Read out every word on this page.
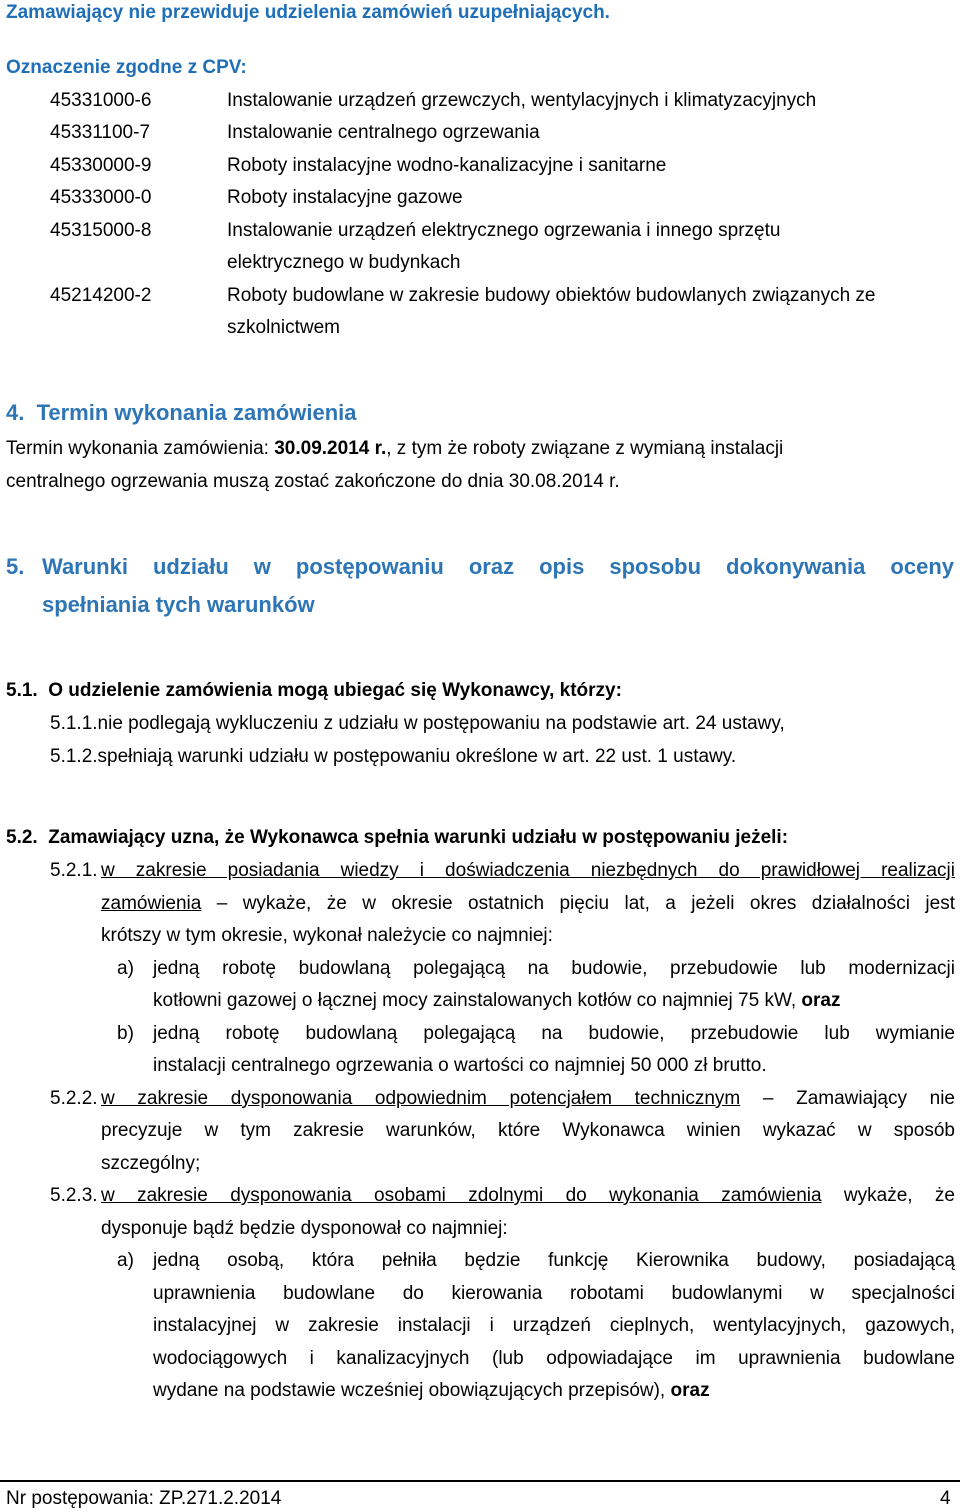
Zamawiający nie przewiduje udzielenia zamówień uzupełniających.
Oznaczenie zgodne z CPV:
45331000-6	Instalowanie urządzeń grzewczych, wentylacyjnych i klimatyzacyjnych
45331100-7	Instalowanie centralnego ogrzewania
45330000-9	Roboty instalacyjne wodno-kanalizacyjne i sanitarne
45333000-0	Roboty instalacyjne gazowe
45315000-8	Instalowanie urządzeń elektrycznego ogrzewania i innego sprzętu
elektrycznego w budynkach
45214200-2	Roboty budowlane w zakresie budowy obiektów budowlanych związanych ze
szkolnictwem
4.  Termin wykonania zamówienia
Termin wykonania zamówienia: 30.09.2014 r., z tym że roboty związane z wymianą instalacji
centralnego ogrzewania muszą zostać zakończone do dnia 30.08.2014 r.
5. Warunki udziału w postępowaniu oraz opis sposobu dokonywania oceny
spełniania tych warunków
5.1.  O udzielenie zamówienia mogą ubiegać się Wykonawcy, którzy:
5.1.1.nie podlegają wykluczeniu z udziału w postępowaniu na podstawie art. 24 ustawy,
5.1.2.spełniają warunki udziału w postępowaniu określone w art. 22 ust. 1 ustawy.
5.2.  Zamawiający uzna, że Wykonawca spełnia warunki udziału w postępowaniu jeżeli:
5.2.1. w zakresie posiadania wiedzy i doświadczenia niezbędnych do prawidłowej realizacji
zamówienia – wykaże, że w okresie ostatnich pięciu lat, a jeżeli okres działalności jest
krótszy w tym okresie, wykonał należycie co najmniej:
a) jedną robotę budowlaną polegającą na budowie, przebudowie lub modernizacji
kotłowni gazowej o łącznej mocy zainstalowanych kotłów co najmniej 75 kW, oraz
b) jedną robotę budowlaną polegającą na budowie, przebudowie lub wymianie
instalacji centralnego ogrzewania o wartości co najmniej 50 000 zł brutto.
5.2.2. w zakresie dysponowania odpowiednim potencjałem technicznym – Zamawiający nie
precyzuje w tym zakresie warunków, które Wykonawca winien wykazać w sposób
szczególny;
5.2.3. w zakresie dysponowania osobami zdolnymi do wykonania zamówienia wykaże, że
dysponuje bądź będzie dysponował co najmniej:
a) jedną osobą, która pełniła będzie funkcję Kierownika budowy, posiadającą
uprawnienia budowlane do kierowania robotami budowlanymi w specjalności
instalacyjnej w zakresie instalacji i urządzeń cieplnych, wentylacyjnych, gazowych,
wodociągowych i kanalizacyjnych (lub odpowiadające im uprawnienia budowlane
wydane na podstawie wcześniej obowiązujących przepisów), oraz
Nr postępowania: ZP.271.2.2014	4
